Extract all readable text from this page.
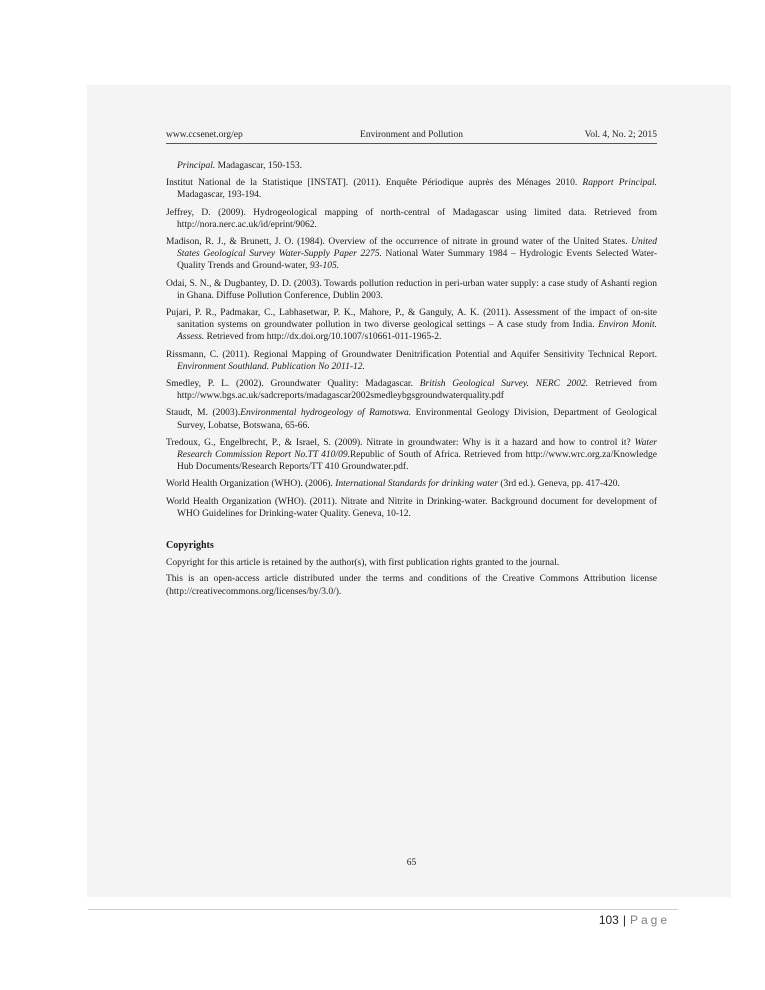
www.ccsenet.org/ep	Environment and Pollution	Vol. 4, No. 2; 2015

Principal. Madagascar, 150-153.

Institut National de la Statistique [INSTAT]. (2011). Enquête Périodique auprès des Ménages 2010. Rapport Principal. Madagascar, 193-194.

Jeffrey, D. (2009). Hydrogeological mapping of north-central of Madagascar using limited data. Retrieved from http://nora.nerc.ac.uk/id/eprint/9062.

Madison, R. J., & Brunett, J. O. (1984). Overview of the occurrence of nitrate in ground water of the United States. United States Geological Survey Water-Supply Paper 2275. National Water Summary 1984 – Hydrologic Events Selected Water-Quality Trends and Ground-water, 93-105.

Odai, S. N., & Dugbantey, D. D. (2003). Towards pollution reduction in peri-urban water supply: a case study of Ashanti region in Ghana. Diffuse Pollution Conference, Dublin 2003.

Pujari, P. R., Padmakar, C., Labhasetwar, P. K., Mahore, P., & Ganguly, A. K. (2011). Assessment of the impact of on-site sanitation systems on groundwater pollution in two diverse geological settings – A case study from India. Environ Monit. Assess. Retrieved from http://dx.doi.org/10.1007/s10661-011-1965-2.

Rissmann, C. (2011). Regional Mapping of Groundwater Denitrification Potential and Aquifer Sensitivity Technical Report. Environment Southland. Publication No 2011-12.

Smedley, P. L. (2002). Groundwater Quality: Madagascar. British Geological Survey. NERC 2002. Retrieved from http://www.bgs.ac.uk/sadcreports/madagascar2002smedleybgsgroundwaterquality.pdf

Staudt, M. (2003).Environmental hydrogeology of Ramotswa. Environmental Geology Division, Department of Geological Survey, Lobatse, Botswana, 65-66.

Tredoux, G., Engelbrecht, P., & Israel, S. (2009). Nitrate in groundwater: Why is it a hazard and how to control it? Water Research Commission Report No.TT 410/09.Republic of South of Africa. Retrieved from http://www.wrc.org.za/Knowledge Hub Documents/Research Reports/TT 410 Groundwater.pdf.

World Health Organization (WHO). (2006). International Standards for drinking water (3rd ed.). Geneva, pp. 417-420.

World Health Organization (WHO). (2011). Nitrate and Nitrite in Drinking-water. Background document for development of WHO Guidelines for Drinking-water Quality. Geneva, 10-12.

Copyrights

Copyright for this article is retained by the author(s), with first publication rights granted to the journal.

This is an open-access article distributed under the terms and conditions of the Creative Commons Attribution license (http://creativecommons.org/licenses/by/3.0/).

65
103 | Page
